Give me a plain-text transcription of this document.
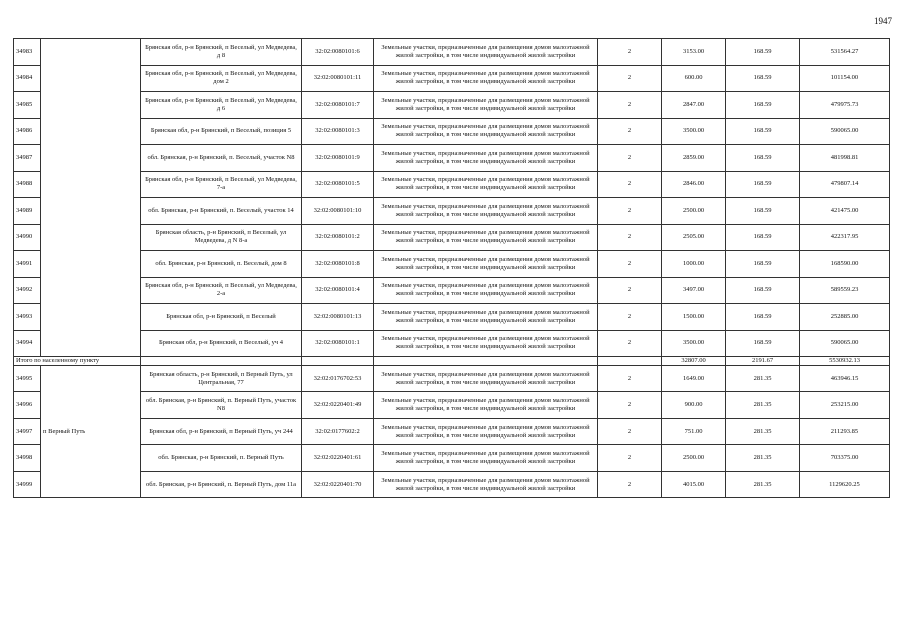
1947
34983		Брянская обл, р-н Брянский, п Веселый, ул Медведева, д 8	32:02:0080101:6	Земельные участки, предназначенные для размещения домов малоэтажной жилой застройки, в том числе индивидуальной жилой застройки	2	3153.00	168.59	531564.27
34984		Брянская обл, р-н Брянский, п Веселый, ул Медведева, дом 2	32:02:0080101:11	Земельные участки, предназначенные для размещения домов малоэтажной жилой застройки, в том числе индивидуальной жилой застройки	2	600.00	168.59	101154.00
34985		Брянская обл, р-н Брянский, п Веселый, ул Медведева, д 6	32:02:0080101:7	Земельные участки, предназначенные для размещения домов малоэтажной жилой застройки, в том числе индивидуальной жилой застройки	2	2847.00	168.59	479975.73
34986		Брянская обл, р-н Брянский, п Веселый, позиция 5	32:02:0080101:3	Земельные участки, предназначенные для размещения домов малоэтажной жилой застройки, в том числе индивидуальной жилой застройки	2	3500.00	168.59	590065.00
34987		обл. Брянская, р-н Брянский, п. Веселый, участок N8	32:02:0080101:9	Земельные участки, предназначенные для размещения домов малоэтажной жилой застройки, в том числе индивидуальной жилой застройки	2	2859.00	168.59	481998.81
34988		Брянская обл, р-н Брянский, п Веселый, ул Медведева, 7-а	32:02:0080101:5	Земельные участки, предназначенные для размещения домов малоэтажной жилой застройки, в том числе индивидуальной жилой застройки	2	2846.00	168.59	479807.14
34989		обл. Брянская, р-н Брянский, п. Веселый, участок 14	32:02:0080101:10	Земельные участки, предназначенные для размещения домов малоэтажной жилой застройки, в том числе индивидуальной жилой застройки	2	2500.00	168.59	421475.00
34990		Брянская область, р-н Брянский, п Веселый, ул Медведева, д N 8-а	32:02:0080101:2	Земельные участки, предназначенные для размещения домов малоэтажной жилой застройки, в том числе индивидуальной жилой застройки	2	2505.00	168.59	422317.95
34991		обл. Брянская, р-н Брянский, п. Веселый, дом 8	32:02:0080101:8	Земельные участки, предназначенные для размещения домов малоэтажной жилой застройки, в том числе индивидуальной жилой застройки	2	1000.00	168.59	168590.00
34992		Брянская обл, р-н Брянский, п Веселый, ул Медведева, 2-а	32:02:0080101:4	Земельные участки, предназначенные для размещения домов малоэтажной жилой застройки, в том числе индивидуальной жилой застройки	2	3497.00	168.59	589559.23
34993		Брянская обл, р-н Брянский, п Веселый	32:02:0080101:13	Земельные участки, предназначенные для размещения домов малоэтажной жилой застройки, в том числе индивидуальной жилой застройки	2	1500.00	168.59	252885.00
34994		Брянская обл, р-н Брянский, п Веселый, уч 4	32:02:0080101:1	Земельные участки, предназначенные для размещения домов малоэтажной жилой застройки, в том числе индивидуальной жилой застройки	2	3500.00	168.59	590065.00
Итого по населенному пункту						32807.00	2191.67	5530932.13
34995	п Верный Путь	Брянская область, р-н Брянский, п Верный Путь, ул Центральная, 77	32:02:0176702:53	Земельные участки, предназначенные для размещения домов малоэтажной жилой застройки, в том числе индивидуальной жилой застройки	2	1649.00	281.35	463946.15
34996		обл. Брянская, р-н Брянский, п. Верный Путь, участок N8	32:02:0220401:49	Земельные участки, предназначенные для размещения домов малоэтажной жилой застройки, в том числе индивидуальной жилой застройки	2	900.00	281.35	253215.00
34997		Брянская обл, р-н Брянский, п Верный Путь, уч 244	32:02:0177602:2	Земельные участки, предназначенные для размещения домов малоэтажной жилой застройки, в том числе индивидуальной жилой застройки	2	751.00	281.35	211293.85
34998		обл. Брянская, р-н Брянский, п. Верный Путь	32:02:0220401:61	Земельные участки, предназначенные для размещения домов малоэтажной жилой застройки, в том числе индивидуальной жилой застройки	2	2500.00	281.35	703375.00
34999		обл. Брянская, р-н Брянский, п. Верный Путь, дом 11а	32:02:0220401:70	Земельные участки, предназначенные для размещения домов малоэтажной жилой застройки, в том числе индивидуальной жилой застройки	2	4015.00	281.35	1129620.25
